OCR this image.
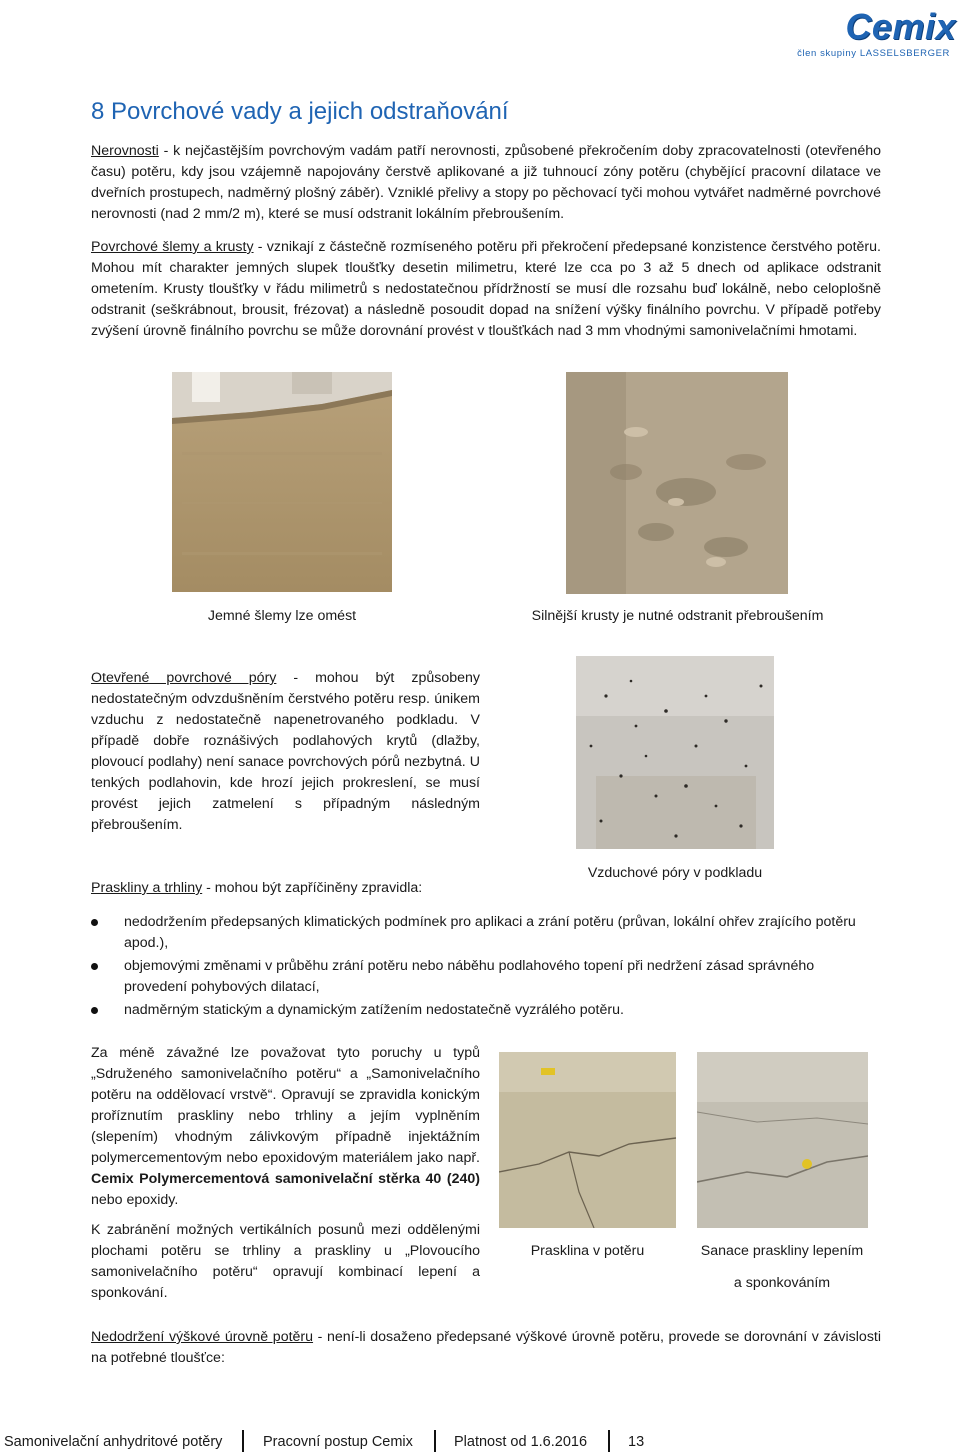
Cemix
člen skupiny LASSELSBERGER
8 Povrchové vady a jejich odstraňování
Nerovnosti - k nejčastějším povrchovým vadám patří nerovnosti, způsobené překročením doby zpracovatelnosti (otevřeného času) potěru, kdy jsou vzájemně napojovány čerstvě aplikované a již tuhnoucí zóny potěru (chybějící pracovní dilatace ve dveřních prostupech, nadměrný plošný záběr). Vzniklé přelivy a stopy po pěchovací tyči mohou vytvářet nadměrné povrchové nerovnosti (nad 2 mm/2 m), které se musí odstranit lokálním přebroušením.
Povrchové šlemy a krusty - vznikají z částečně rozmíseného potěru při překročení předepsané konzistence čerstvého potěru. Mohou mít charakter jemných slupek tloušťky desetin milimetru, které lze cca po 3 až 5 dnech od aplikace odstranit ometením. Krusty tloušťky v řádu milimetrů s nedostatečnou přídržností se musí dle rozsahu buď lokálně, nebo celoplošně odstranit (seškrábnout, brousit, frézovat) a následně posoudit dopad na snížení výšky finálního povrchu. V případě potřeby zvýšení úrovně finálního povrchu se může dorovnání provést v tloušťkách nad 3 mm vhodnými samonivelačními hmotami.
Jemné šlemy lze omést	Silnější krusty je nutné odstranit přebroušením
Otevřené povrchové póry - mohou být způsobeny nedostatečným odvzdušněním čerstvého potěru resp. únikem vzduchu z nedostatečně napenetrovaného podkladu. V případě dobře roznášivých podlahových krytů (dlažby, plovoucí podlahy) není sanace povrchových pórů nezbytná. U tenkých podlahovin, kde hrozí jejich prokreslení, se musí provést jejich zatmelení s případným následným přebroušením.
Vzduchové póry v podkladu
Praskliny a trhliny - mohou být zapříčiněny zpravidla:
nedodržením předepsaných klimatických podmínek pro aplikaci a zrání potěru (průvan, lokální ohřev zrajícího potěru apod.),
objemovými změnami v průběhu zrání potěru nebo náběhu podlahového topení při nedržení zásad správného provedení pohybových dilatací,
nadměrným statickým a dynamickým zatížením nedostatečně vyzrálého potěru.
Za méně závažné lze považovat tyto poruchy u typů „Sdruženého samonivelačního potěru“ a „Samonivelačního potěru na oddělovací vrstvě“. Opravují se zpravidla konickým proříznutím praskliny nebo trhliny a jejím vyplněním (slepením) vhodným zálivkovým případně injektážním polymercementovým nebo epoxidovým materiálem jako např. Cemix Polymercementová samonivelační stěrka 40 (240) nebo epoxidy.
K zabránění možných vertikálních posunů mezi oddělenými plochami potěru se trhliny a praskliny u „Plovoucího samonivelačního potěru“ opravují kombinací lepení a sponkování.
Prasklina v potěru	Sanace praskliny lepením
a sponkováním
Nedodržení výškové úrovně potěru - není-li dosaženo předepsané výškové úrovně potěru, provede se dorovnání v závislosti na potřebné tloušťce:
Samonivelační anhydritové potěry	Pracovní postup Cemix	Platnost od 1.6.2016	13
